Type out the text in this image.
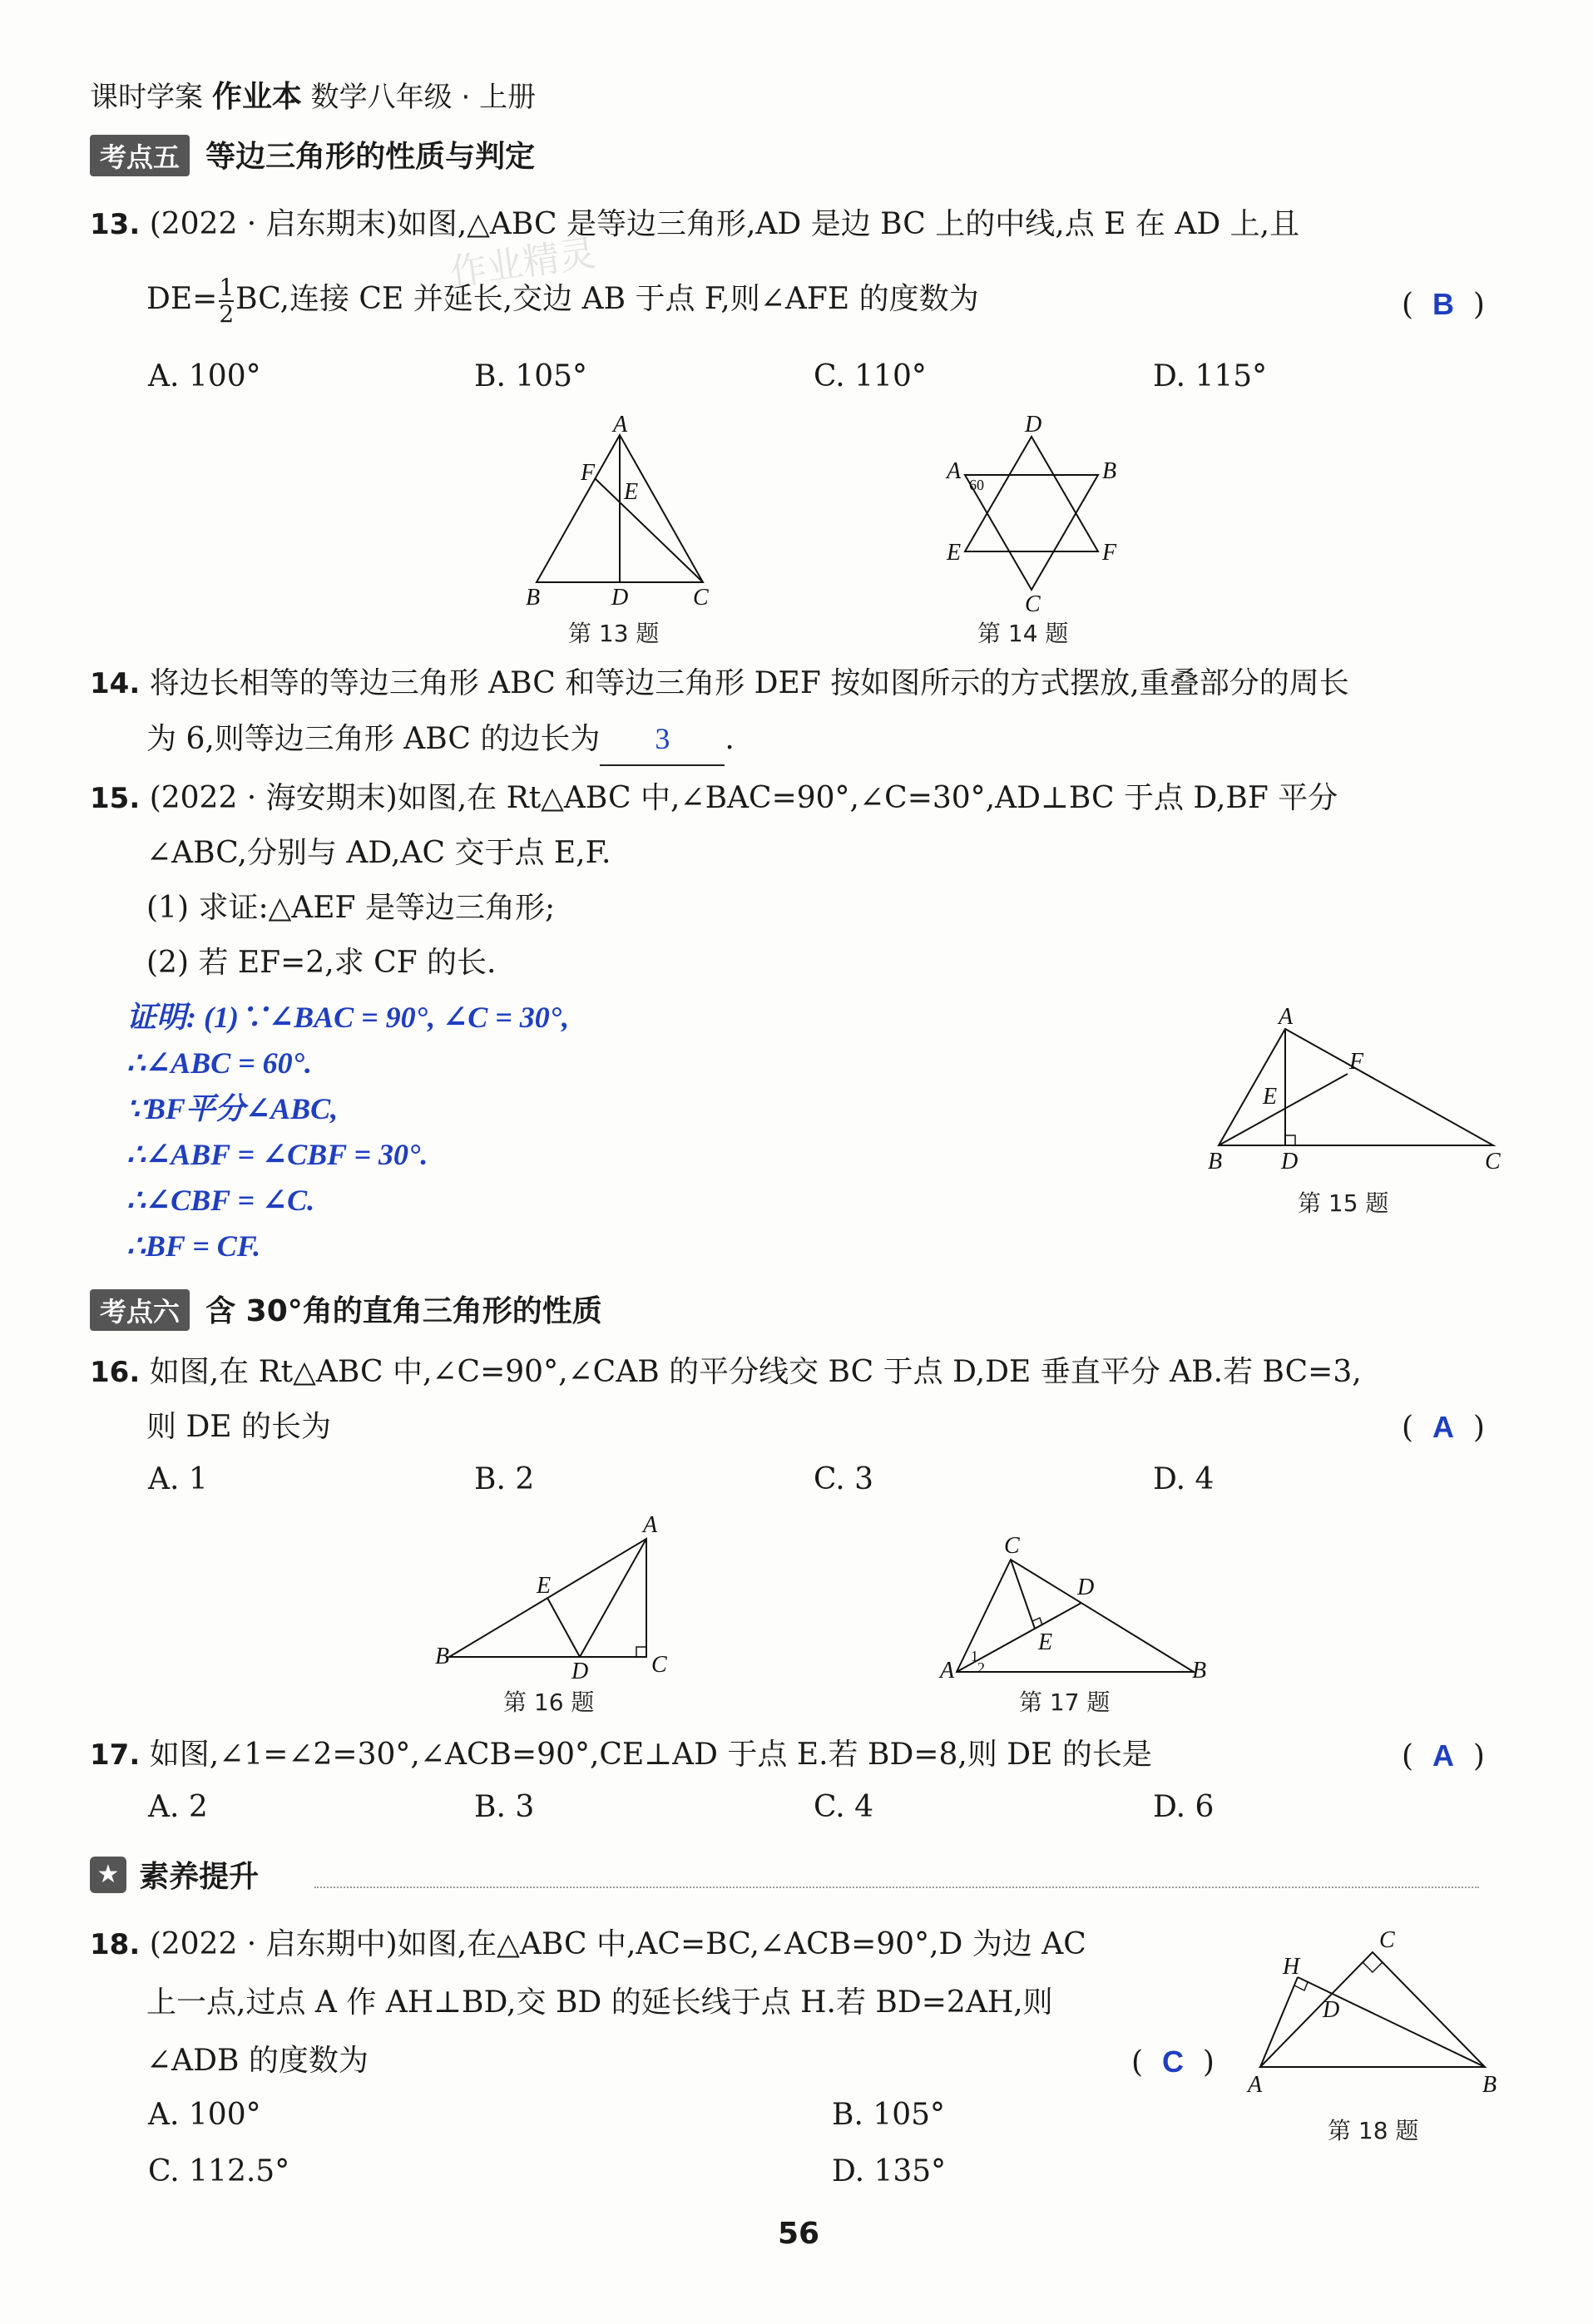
课时学案 作业本 数学八年级 · 上册
考点五 等边三角形的性质与判定
13. (2022 · 启东期末)如图,△ABC 是等边三角形,AD 是边 BC 上的中线,点 E 在 AD 上,且
$DE= \frac{1}{2}$ BC,连接 CE 并延长,交边 AB 于点 F,则∠AFE 的度数为	(  B  )
A. 100°	B. 105°	C. 110°	D. 115°
A
F
E
B	D	C
第 13 题
D
A
60
B
E	F
C
第 14 题
14. 将边长相等的等边三角形 ABC 和等边三角形 DEF 按如图所示的方式摆放,重叠部分的周长
为 6,则等边三角形 ABC 的边长为 3 .
15. (2022 · 海安期末)如图,在 Rt△ABC 中,∠BAC=90°,∠C=30°,AD⊥BC 于点 D,BF 平分
∠ABC,分别与 AD,AC 交于点 E,F.
(1) 求证:△AEF 是等边三角形;
(2) 若 EF=2,求 CF 的长.
证明: (1)∵∠BAC = 90°, ∠C = 30°,
∴∠ABC = 60°.
∵BF平分∠ABC,
∴∠ABF = ∠CBF = 30°.
∴∠CBF = ∠C.
∴BF = CF.
A
F
E
B	D	C
第 15 题
考点六 含 30°角的直角三角形的性质
16. 如图,在 Rt△ABC 中,∠C=90°,∠CAB 的平分线交 BC 于点 D,DE 垂直平分 AB.若 BC=3,
则 DE 的长为	(  A  )
A. 1	B. 2	C. 3	D. 4
A
E
B
D	C
第 16 题
C
D
E
A	B
1
2
第 17 题
17. 如图,∠1=∠2=30°,∠ACB=90°,CE⊥AD 于点 E.若 BD=8,则 DE 的长是	(  A  )
A. 2	B. 3	C. 4	D. 6
★ 素养提升
18. (2022 · 启东期中)如图,在△ABC 中,AC=BC,∠ACB=90°,D 为边 AC
上一点,过点 A 作 AH⊥BD,交 BD 的延长线于点 H.若 BD=2AH,则
∠ADB 的度数为	(  C  )
A. 100°	B. 105°
C. 112.5°	D. 135°
C
H
D
A	B
第 18 题
56
作业精灵
